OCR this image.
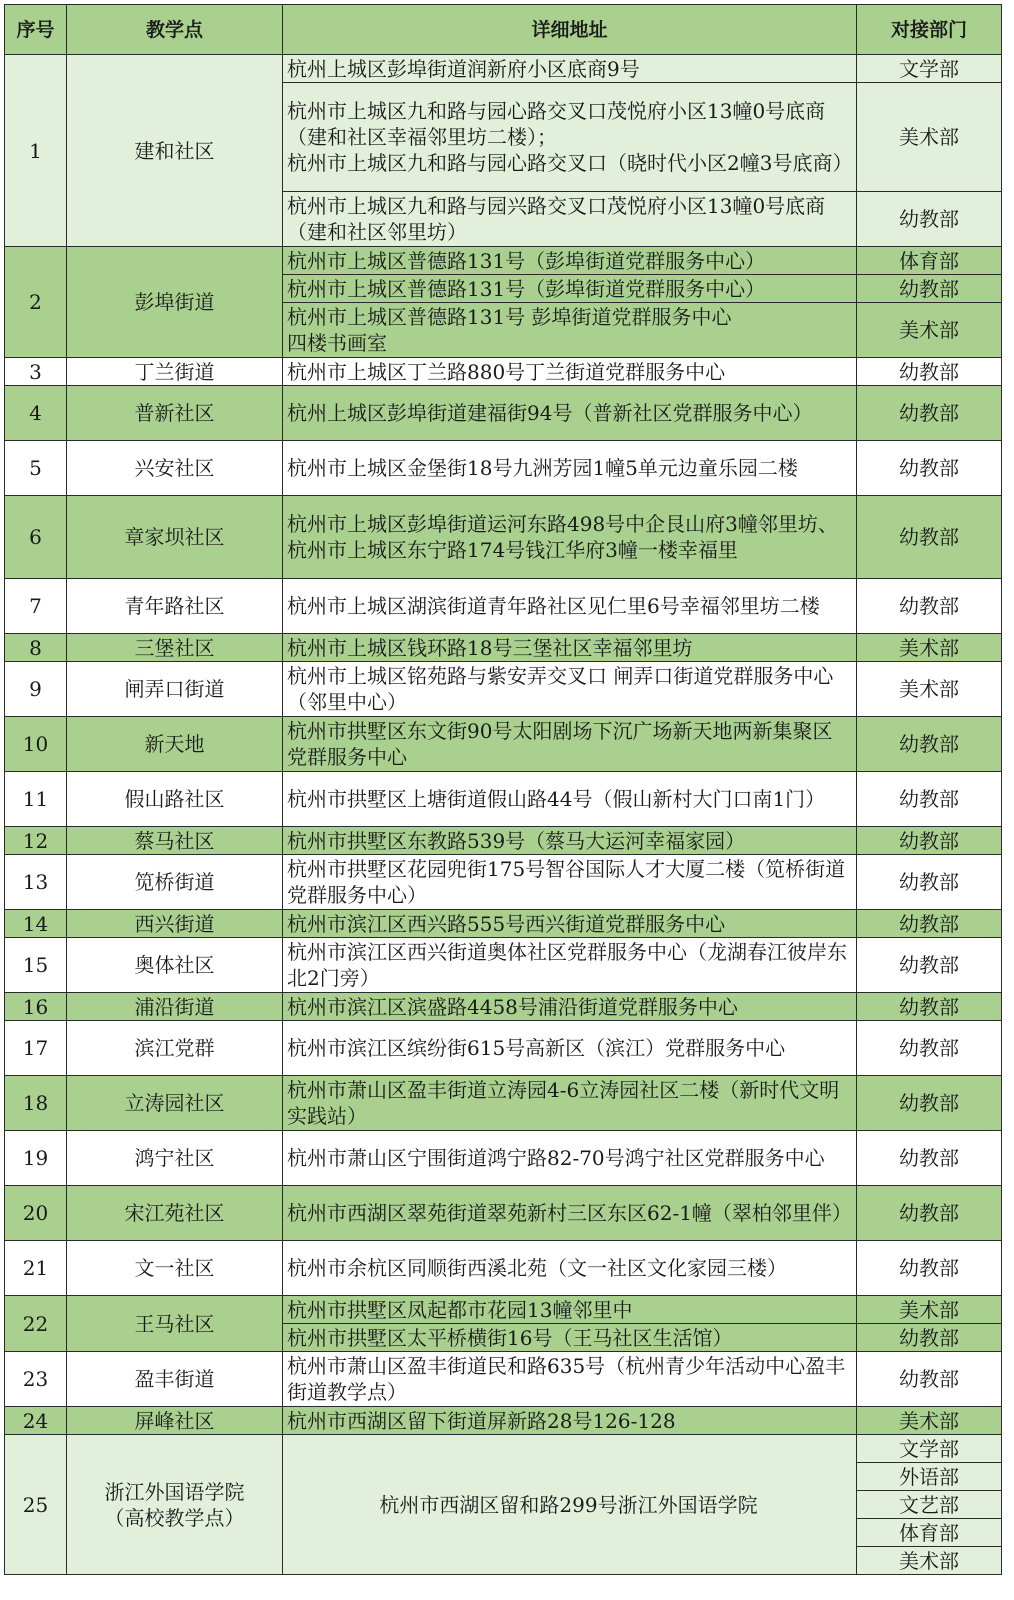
序号	教学点	详细地址	对接部门
1	建和社区	杭州上城区彭埠街道润新府小区底商9号	文学部

		杭州市上城区九和路与园心路交叉口茂悦府小区13幢0号底商（建和社区幸福邻里坊二楼）；
杭州市上城区九和路与园心路交叉口（晓时代小区2幢3号底商）	美术部

		杭州市上城区九和路与园兴路交叉口茂悦府小区13幢0号底商（建和社区邻里坊）	幼教部
2	彭埠街道	杭州市上城区普德路131号（彭埠街道党群服务中心）	体育部

		杭州市上城区普德路131号（彭埠街道党群服务中心）	幼教部

		杭州市上城区普德路131号 彭埠街道党群服务中心
四楼书画室	美术部
3	丁兰街道	杭州市上城区丁兰路880号丁兰街道党群服务中心	幼教部
4	普新社区	杭州上城区彭埠街道建福街94号（普新社区党群服务中心）	幼教部
5	兴安社区	杭州市上城区金堡街18号九洲芳园1幢5单元边童乐园二楼	幼教部
6	章家坝社区	杭州市上城区彭埠街道运河东路498号中企艮山府3幢邻里坊、杭州市上城区东宁路174号钱江华府3幢一楼幸福里	幼教部
7	青年路社区	杭州市上城区湖滨街道青年路社区见仁里6号幸福邻里坊二楼	幼教部
8	三堡社区	杭州市上城区钱环路18号三堡社区幸福邻里坊	美术部
9	闸弄口街道	杭州市上城区铭苑路与紫安弄交叉口 闸弄口街道党群服务中心（邻里中心）	美术部
10	新天地	杭州市拱墅区东文街90号太阳剧场下沉广场新天地两新集聚区党群服务中心	幼教部
11	假山路社区	杭州市拱墅区上塘街道假山路44号（假山新村大门口南1门）	幼教部
12	蔡马社区	杭州市拱墅区东教路539号（蔡马大运河幸福家园）	幼教部
13	笕桥街道	杭州市拱墅区花园兜街175号智谷国际人才大厦二楼（笕桥街道党群服务中心）	幼教部
14	西兴街道	杭州市滨江区西兴路555号西兴街道党群服务中心	幼教部
15	奥体社区	杭州市滨江区西兴街道奥体社区党群服务中心（龙湖春江彼岸东北2门旁）	幼教部
16	浦沿街道	杭州市滨江区滨盛路4458号浦沿街道党群服务中心	幼教部
17	滨江党群	杭州市滨江区缤纷街615号高新区（滨江）党群服务中心	幼教部
18	立涛园社区	杭州市萧山区盈丰街道立涛园4-6立涛园社区二楼（新时代文明实践站）	幼教部
19	鸿宁社区	杭州市萧山区宁围街道鸿宁路82-70号鸿宁社区党群服务中心	幼教部
20	宋江苑社区	杭州市西湖区翠苑街道翠苑新村三区东区62-1幢（翠柏邻里伴）	幼教部
21	文一社区	杭州市余杭区同顺街西溪北苑（文一社区文化家园三楼）	幼教部
22	王马社区	杭州市拱墅区凤起都市花园13幢邻里中	美术部

		杭州市拱墅区太平桥横街16号（王马社区生活馆）	幼教部
23	盈丰街道	杭州市萧山区盈丰街道民和路635号（杭州青少年活动中心盈丰街道教学点）	幼教部
24	屏峰社区	杭州市西湖区留下街道屏新路28号126-128	美术部
25	浙江外国语学院
（高校教学点）	杭州市西湖区留和路299号浙江外国语学院	文学部
			外语部
			文艺部
			体育部
			美术部
